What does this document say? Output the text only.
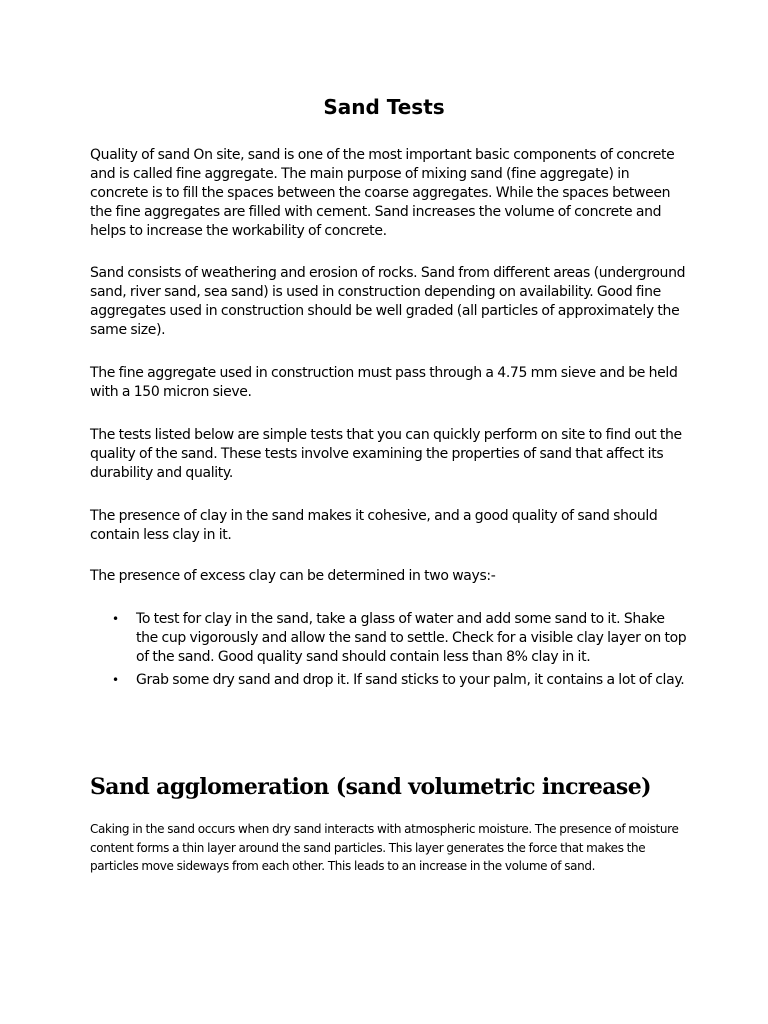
Sand Tests

Quality of sand On site, sand is one of the most important basic components of concrete and is called fine aggregate. The main purpose of mixing sand (fine aggregate) in concrete is to fill the spaces between the coarse aggregates. While the spaces between the fine aggregates are filled with cement. Sand increases the volume of concrete and helps to increase the workability of concrete.

Sand consists of weathering and erosion of rocks. Sand from different areas (underground sand, river sand, sea sand) is used in construction depending on availability. Good fine aggregates used in construction should be well graded (all particles of approximately the same size).

The fine aggregate used in construction must pass through a 4.75 mm sieve and be held with a 150 micron sieve.

The tests listed below are simple tests that you can quickly perform on site to find out the quality of the sand. These tests involve examining the properties of sand that affect its durability and quality.

The presence of clay in the sand makes it cohesive, and a good quality of sand should contain less clay in it.

The presence of excess clay can be determined in two ways:-

• To test for clay in the sand, take a glass of water and add some sand to it. Shake the cup vigorously and allow the sand to settle. Check for a visible clay layer on top of the sand. Good quality sand should contain less than 8% clay in it.
• Grab some dry sand and drop it. If sand sticks to your palm, it contains a lot of clay.
Sand agglomeration (sand volumetric increase)

Caking in the sand occurs when dry sand interacts with atmospheric moisture. The presence of moisture content forms a thin layer around the sand particles. This layer generates the force that makes the particles move sideways from each other. This leads to an increase in the volume of sand.
